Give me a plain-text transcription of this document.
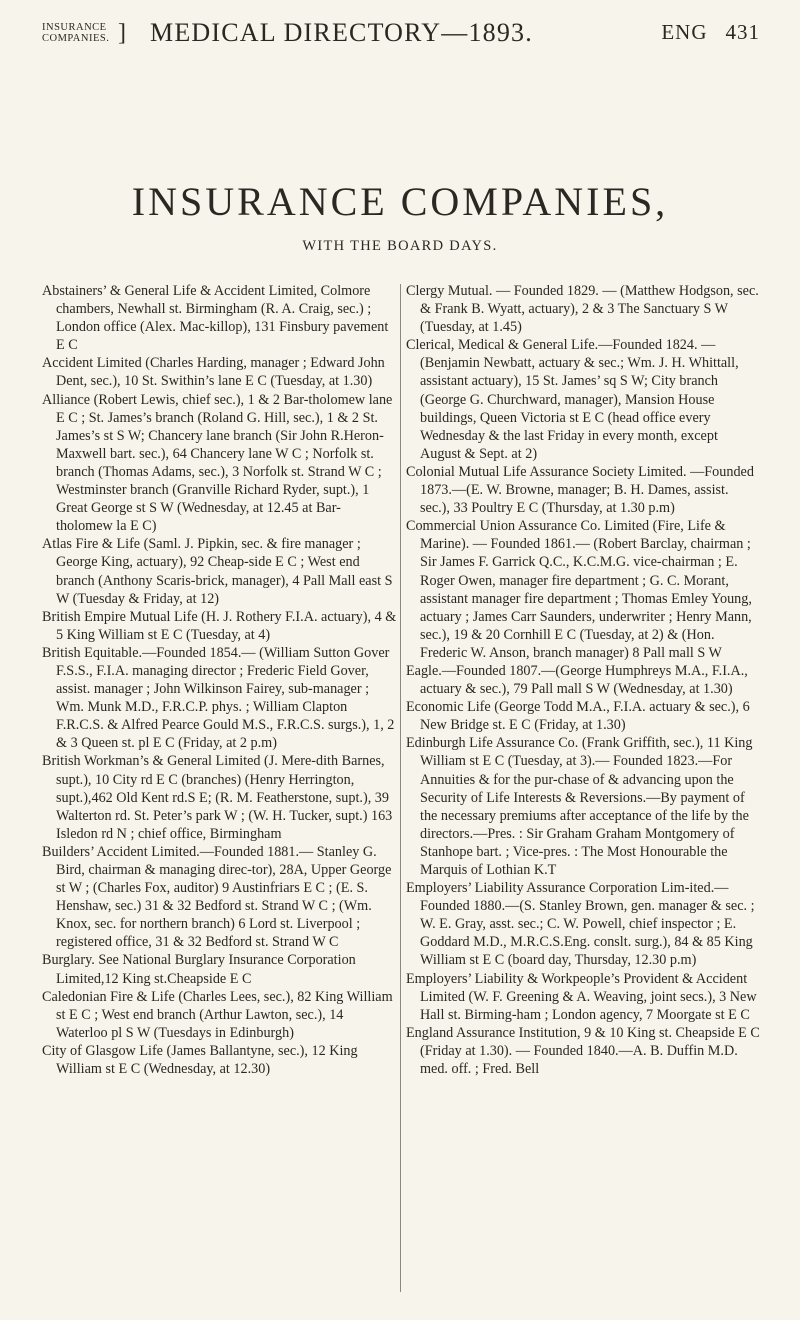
INSURANCE
COMPANIES. ] MEDICAL DIRECTORY—1893.	ENG 431
INSURANCE COMPANIES,
WITH THE BOARD DAYS.

Abstainers’ & General Life & Accident Limited, Colmore chambers, Newhall st. Birmingham (R. A. Craig, sec.) ; London office (Alex. Mac-killop), 131 Finsbury pavement E C

Accident Limited (Charles Harding, manager ; Edward John Dent, sec.), 10 St. Swithin’s lane E C (Tuesday, at 1.30)

Alliance (Robert Lewis, chief sec.), 1 & 2 Bar-tholomew lane E C ; St. James’s branch (Roland G. Hill, sec.), 1 & 2 St. James’s st S W; Chancery lane branch (Sir John R.Heron-Maxwell bart. sec.), 64 Chancery lane W C ; Norfolk st. branch (Thomas Adams, sec.), 3 Norfolk st. Strand W C ; Westminster branch (Granville Richard Ryder, supt.), 1 Great George st S W (Wednesday, at 12.45 at Bar-tholomew la E C)

Atlas Fire & Life (Saml. J. Pipkin, sec. & fire manager ; George King, actuary), 92 Cheap-side E C ; West end branch (Anthony Scaris-brick, manager), 4 Pall Mall east S W (Tuesday & Friday, at 12)

British Empire Mutual Life (H. J. Rothery F.I.A. actuary), 4 & 5 King William st E C (Tuesday, at 4)

British Equitable.—Founded 1854.— (William Sutton Gover F.S.S., F.I.A. managing director ; Frederic Field Gover, assist. manager ; John Wilkinson Fairey, sub-manager ; Wm. Munk M.D., F.R.C.P. phys. ; William Clapton F.R.C.S. & Alfred Pearce Gould M.S., F.R.C.S. surgs.), 1, 2 & 3 Queen st. pl E C (Friday, at 2 p.m)

British Workman’s & General Limited (J. Mere-dith Barnes, supt.), 10 City rd E C (branches) (Henry Herrington, supt.),462 Old Kent rd.S E; (R. M. Featherstone, supt.), 39 Walterton rd. St. Peter’s park W ; (W. H. Tucker, supt.) 163 Isledon rd N ; chief office, Birmingham

Builders’ Accident Limited.—Founded 1881.— Stanley G. Bird, chairman & managing direc-tor), 28A, Upper George st W ; (Charles Fox, auditor) 9 Austinfriars E C ; (E. S. Henshaw, sec.) 31 & 32 Bedford st. Strand W C ; (Wm. Knox, sec. for northern branch) 6 Lord st. Liverpool ; registered office, 31 & 32 Bedford st. Strand W C

Burglary. See National Burglary Insurance Corporation Limited,12 King st.Cheapside E C

Caledonian Fire & Life (Charles Lees, sec.), 82 King William st E C ; West end branch (Arthur Lawton, sec.), 14 Waterloo pl S W (Tuesdays in Edinburgh)

City of Glasgow Life (James Ballantyne, sec.), 12 King William st E C (Wednesday, at 12.30)

Clergy Mutual. — Founded 1829. — (Matthew Hodgson, sec. & Frank B. Wyatt, actuary), 2 & 3 The Sanctuary S W (Tuesday, at 1.45)

Clerical, Medical & General Life.—Founded 1824. —(Benjamin Newbatt, actuary & sec.; Wm. J. H. Whittall, assistant actuary), 15 St. James’ sq S W; City branch (George G. Churchward, manager), Mansion House buildings, Queen Victoria st E C (head office every Wednesday & the last Friday in every month, except August & Sept. at 2)

Colonial Mutual Life Assurance Society Limited. —Founded 1873.—(E. W. Browne, manager; B. H. Dames, assist. sec.), 33 Poultry E C (Thursday, at 1.30 p.m)

Commercial Union Assurance Co. Limited (Fire, Life & Marine). — Founded 1861.— (Robert Barclay, chairman ; Sir James F. Garrick Q.C., K.C.M.G. vice-chairman ; E. Roger Owen, manager fire department ; G. C. Morant, assistant manager fire department ; Thomas Emley Young, actuary ; James Carr Saunders, underwriter ; Henry Mann, sec.), 19 & 20 Cornhill E C (Tuesday, at 2) & (Hon. Frederic W. Anson, branch manager) 8 Pall mall S W

Eagle.—Founded 1807.—(George Humphreys M.A., F.I.A., actuary & sec.), 79 Pall mall S W (Wednesday, at 1.30)

Economic Life (George Todd M.A., F.I.A. actuary & sec.), 6 New Bridge st. E C (Friday, at 1.30)

Edinburgh Life Assurance Co. (Frank Griffith, sec.), 11 King William st E C (Tuesday, at 3).— Founded 1823.—For Annuities & for the pur-chase of & advancing upon the Security of Life Interests & Reversions.—By payment of the necessary premiums after acceptance of the life by the directors.—Pres. : Sir Graham Graham Montgomery of Stanhope bart. ; Vice-pres. : The Most Honourable the Marquis of Lothian K.T

Employers’ Liability Assurance Corporation Lim-ited.—Founded 1880.—(S. Stanley Brown, gen. manager & sec. ; W. E. Gray, asst. sec.; C. W. Powell, chief inspector ; E. Goddard M.D., M.R.C.S.Eng. conslt. surg.), 84 & 85 King William st E C (board day, Thursday, 12.30 p.m)

Employers’ Liability & Workpeople’s Provident & Accident Limited (W. F. Greening & A. Weaving, joint secs.), 3 New Hall st. Birming-ham ; London agency, 7 Moorgate st E C

England Assurance Institution, 9 & 10 King st. Cheapside E C (Friday at 1.30). — Founded 1840.—A. B. Duffin M.D. med. off. ; Fred. Bell
